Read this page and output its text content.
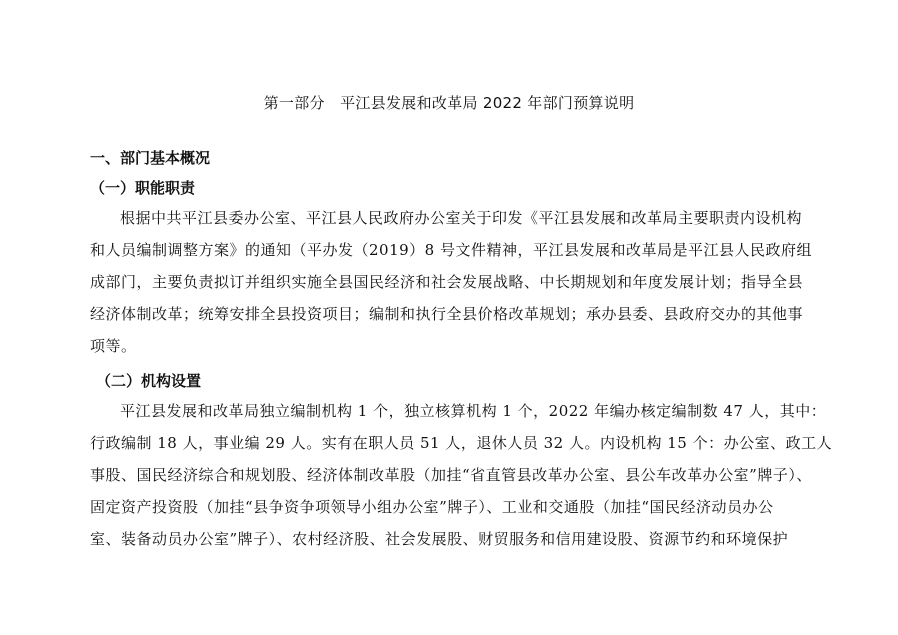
第一部分　平江县发展和改革局 2022 年部门预算说明
一、部门基本概况
（一）职能职责
根据中共平江县委办公室、平江县人民政府办公室关于印发《平江县发展和改革局主要职责内设机构
和人员编制调整方案》的通知（平办发（2019）8 号文件精神，平江县发展和改革局是平江县人民政府组
成部门，主要负责拟订并组织实施全县国民经济和社会发展战略、中长期规划和年度发展计划；指导全县
经济体制改革；统筹安排全县投资项目；编制和执行全县价格改革规划；承办县委、县政府交办的其他事
项等。
（二）机构设置
平江县发展和改革局独立编制机构 1 个，独立核算机构 1 个，2022 年编办核定编制数 47 人，其中：
行政编制 18 人，事业编 29 人。实有在职人员 51 人，退休人员 32 人。内设机构 15 个：办公室、政工人
事股、国民经济综合和规划股、经济体制改革股（加挂“省直管县改革办公室、县公车改革办公室”牌子）、
固定资产投资股（加挂“县争资争项领导小组办公室”牌子）、工业和交通股（加挂“国民经济动员办公
室、装备动员办公室”牌子）、农村经济股、社会发展股、财贸服务和信用建设股、资源节约和环境保护
